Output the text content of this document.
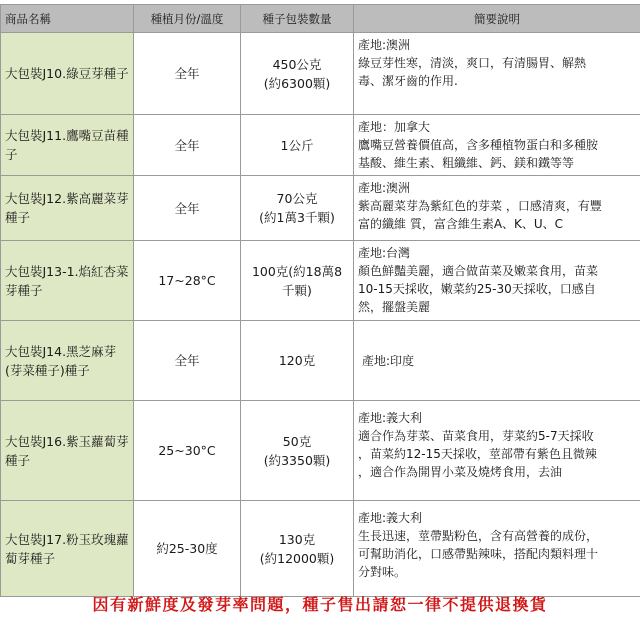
商品名稱	種植月份/溫度	種子包裝數量	簡要說明
大包裝J10.綠豆芽種子	全年	450公克
(約6300顆)	產地:澳洲
綠豆芽性寒，清淡，爽口，有清腸胃、解熱
毒、潔牙齒的作用.

大包裝J11.鷹嘴豆苗種子	全年	1公斤	產地：加拿大
鷹嘴豆營養價值高，含多種植物蛋白和多種胺
基酸、維生素、粗纖維、鈣、鎂和鐵等等

大包裝J12.紫高麗菜芽種子	全年	70公克
(約1萬3千顆)	產地:澳洲
紫高麗菜芽為紫紅色的芽菜 ，口感清爽，有豐
富的纖維 質，富含維生素A、K、U、C

大包裝J13-1.焰紅杏菜芽種子	17~28°C	100克(約18萬8
千顆)	產地:台灣
顏色鮮豔美麗，適合做苗菜及嫩菜食用，苗菜
10-15天採收，嫩菜約25-30天採收，口感自
然，擺盤美麗

大包裝J14.黑芝麻芽(芽菜種子)種子	全年	120克	產地:印度

大包裝J16.紫玉蘿蔔芽種子	25~30°C	50克
(約3350顆)	產地:義大利
適合作為芽菜、苗菜食用，芽菜約5-7天採收
，苗菜約12-15天採收，莖部帶有紫色且微辣
，適合作為開胃小菜及燒烤食用，去油

大包裝J17.粉玉玫瑰蘿蔔芽種子	約25-30度	130克
(約12000顆)	產地:義大利
生長迅速，莖帶點粉色，含有高營養的成份，
可幫助消化，口感帶點辣味，搭配肉類料理十
分對味。
因有新鮮度及發芽率問題，種子售出請恕一律不提供退換貨
